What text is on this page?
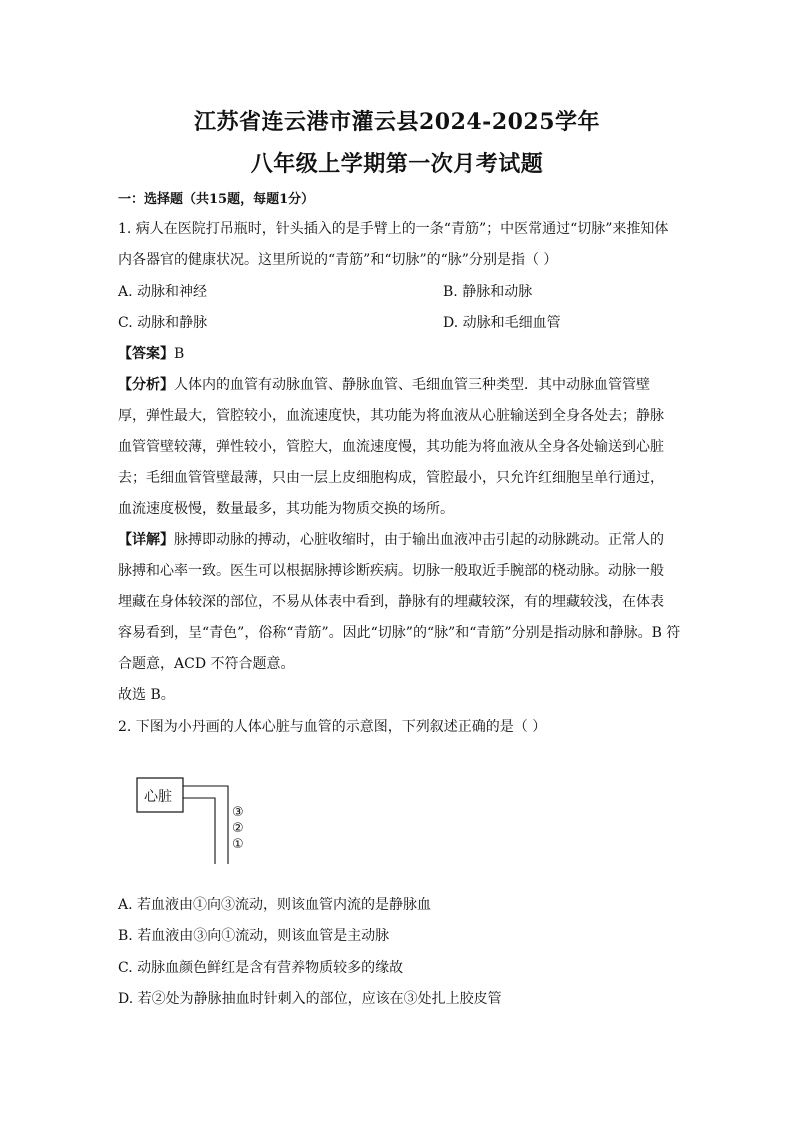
江苏省连云港市灌云县2024-2025学年
八年级上学期第一次月考试题
一：选择题（共15题，每题1分）
1. 病人在医院打吊瓶时，针头插入的是手臂上的一条“青筋”；中医常通过“切脉”来推知体
内各器官的健康状况。这里所说的“青筋”和“切脉”的“脉”分别是指（ ）
A. 动脉和神经	B. 静脉和动脉
C. 动脉和静脉	D. 动脉和毛细血管
【答案】B
【分析】人体内的血管有动脉血管、静脉血管、毛细血管三种类型．其中动脉血管管壁
厚，弹性最大，管腔较小，血流速度快，其功能为将血液从心脏输送到全身各处去；静脉
血管管壁较薄，弹性较小，管腔大，血流速度慢，其功能为将血液从全身各处输送到心脏
去；毛细血管管壁最薄，只由一层上皮细胞构成，管腔最小，只允许红细胞呈单行通过，
血流速度极慢，数量最多，其功能为物质交换的场所。
【详解】脉搏即动脉的搏动，心脏收缩时，由于输出血液冲击引起的动脉跳动。正常人的
脉搏和心率一致。医生可以根据脉搏诊断疾病。切脉一般取近手腕部的桡动脉。动脉一般
埋藏在身体较深的部位，不易从体表中看到，静脉有的埋藏较深，有的埋藏较浅，在体表
容易看到，呈“青色”，俗称“青筋”。因此“切脉”的“脉”和“青筋”分别是指动脉和静脉。B 符
合题意，ACD 不符合题意。
故选 B。
2. 下图为小丹画的人体心脏与血管的示意图，下列叙述正确的是（ ）
心脏
③
②
①
A. 若血液由①向③流动，则该血管内流的是静脉血
B. 若血液由③向①流动，则该血管是主动脉
C. 动脉血颜色鲜红是含有营养物质较多的缘故
D. 若②处为静脉抽血时针刺入的部位，应该在③处扎上胶皮管
